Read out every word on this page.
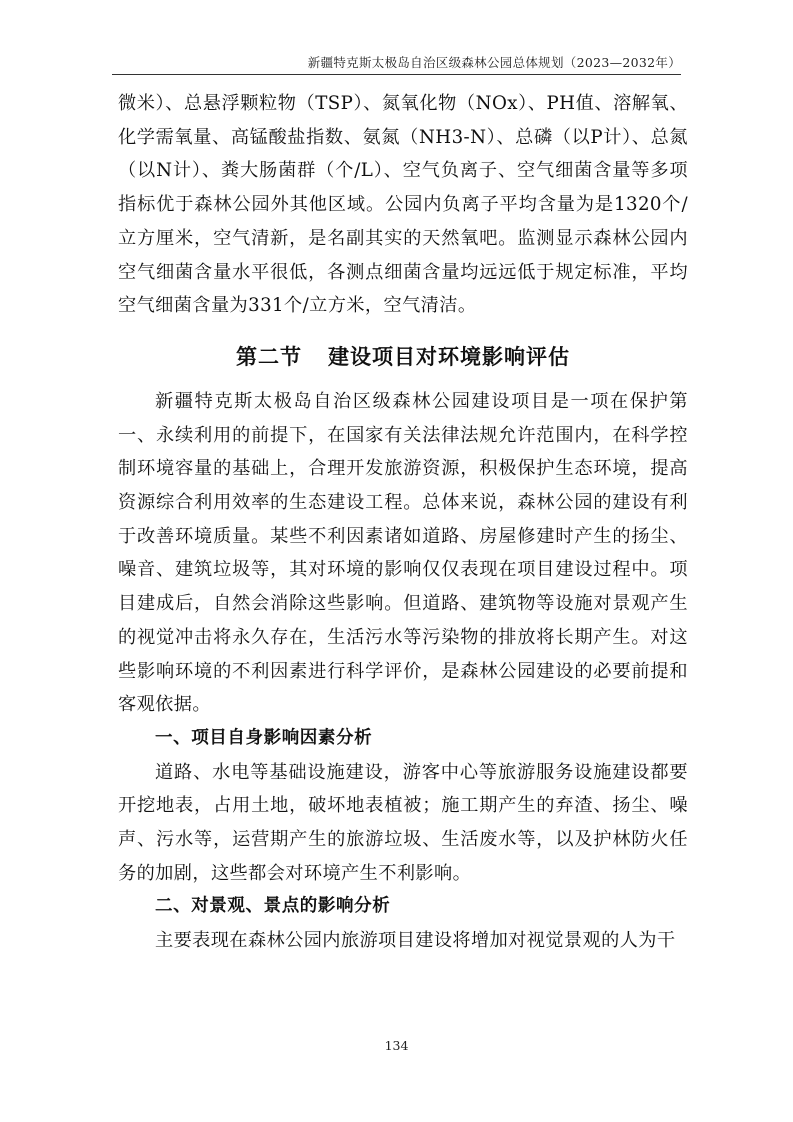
新疆特克斯太极岛自治区级森林公园总体规划（2023—2032年）

微米）、总悬浮颗粒物（TSP）、氮氧化物（NOx）、PH值、溶解氧、化学需氧量、高锰酸盐指数、氨氮（NH3-N）、总磷（以P计）、总氮（以N计）、粪大肠菌群（个/L）、空气负离子、空气细菌含量等多项指标优于森林公园外其他区域。公园内负离子平均含量为是1320个/立方厘米，空气清新，是名副其实的天然氧吧。监测显示森林公园内空气细菌含量水平很低，各测点细菌含量均远远低于规定标准，平均空气细菌含量为331个/立方米，空气清洁。

第二节 建设项目对环境影响评估

新疆特克斯太极岛自治区级森林公园建设项目是一项在保护第一、永续利用的前提下，在国家有关法律法规允许范围内，在科学控制环境容量的基础上，合理开发旅游资源，积极保护生态环境，提高资源综合利用效率的生态建设工程。总体来说，森林公园的建设有利于改善环境质量。某些不利因素诸如道路、房屋修建时产生的扬尘、噪音、建筑垃圾等，其对环境的影响仅仅表现在项目建设过程中。项目建成后，自然会消除这些影响。但道路、建筑物等设施对景观产生的视觉冲击将永久存在，生活污水等污染物的排放将长期产生。对这些影响环境的不利因素进行科学评价，是森林公园建设的必要前提和客观依据。

一、项目自身影响因素分析

道路、水电等基础设施建设，游客中心等旅游服务设施建设都要开挖地表，占用土地，破坏地表植被；施工期产生的弃渣、扬尘、噪声、污水等，运营期产生的旅游垃圾、生活废水等，以及护林防火任务的加剧，这些都会对环境产生不利影响。

二、对景观、景点的影响分析

主要表现在森林公园内旅游项目建设将增加对视觉景观的人为干

134
